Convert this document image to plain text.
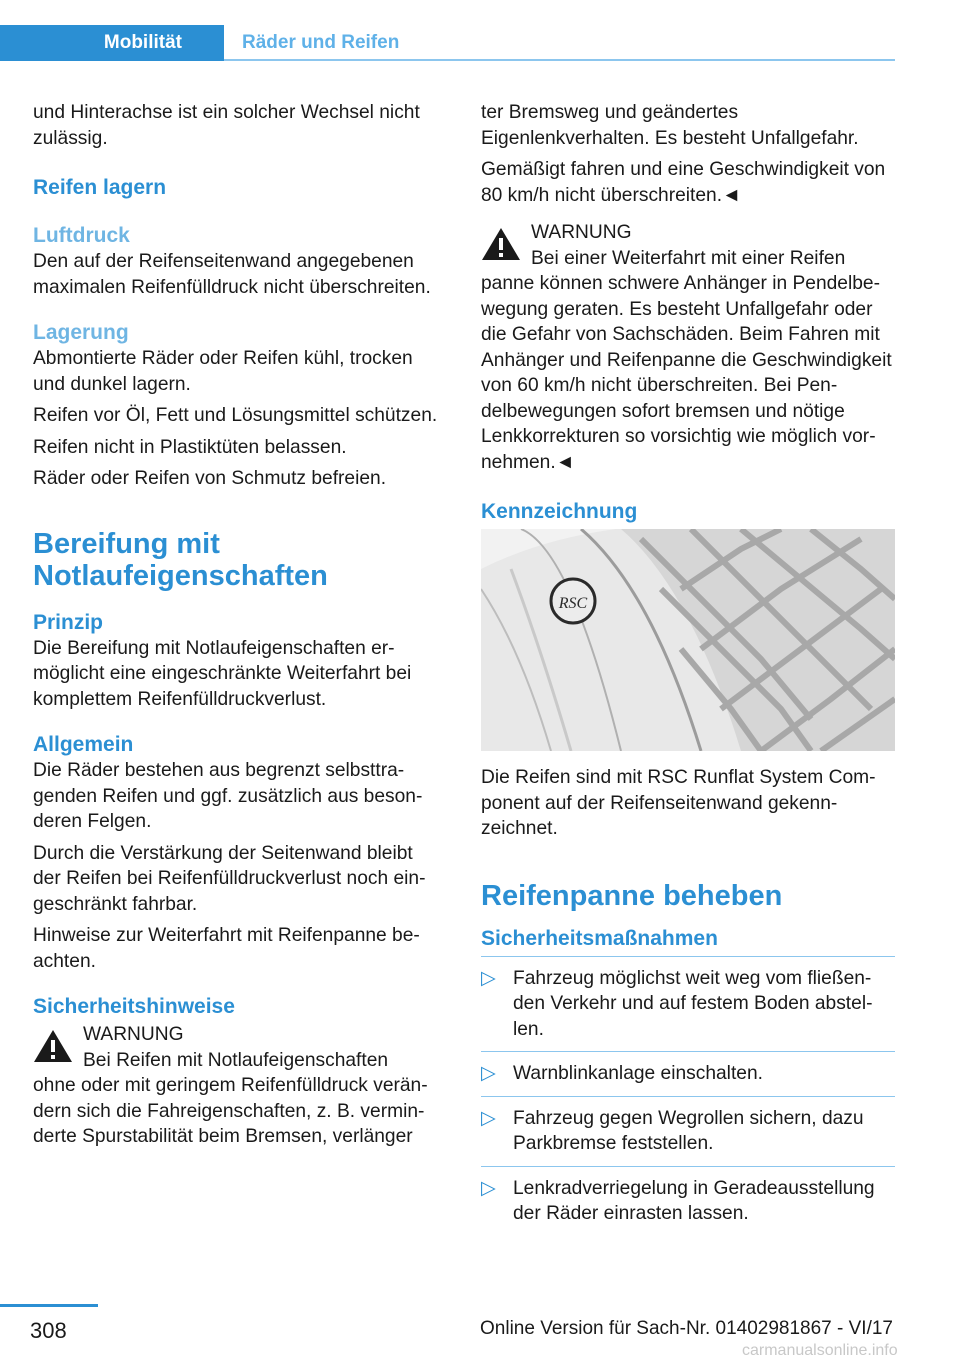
Mobilität	Räder und Reifen

und Hinterachse ist ein solcher Wechsel nicht zulässig.

Reifen lagern
Luftdruck

Den auf der Reifenseitenwand angegebenen maximalen Reifenfülldruck nicht überschreiten.

Lagerung

Abmontierte Räder oder Reifen kühl, trocken und dunkel lagern.

Reifen vor Öl, Fett und Lösungsmittel schützen.

Reifen nicht in Plastiktüten belassen.

Räder oder Reifen von Schmutz befreien.

Bereifung mit Notlaufeigenschaften
Prinzip

Die Bereifung mit Notlaufeigenschaften ermöglicht eine eingeschränkte Weiterfahrt bei komplettem Reifenfülldruckverlust.

Allgemein

Die Räder bestehen aus begrenzt selbsttragenden Reifen und ggf. zusätzlich aus besonderen Felgen.

Durch die Verstärkung der Seitenwand bleibt der Reifen bei Reifenfülldruckverlust noch eingeschränkt fahrbar.

Hinweise zur Weiterfahrt mit Reifenpanne beachten.

Sicherheitshinweise
WARNUNG
Bei Reifen mit Notlaufeigenschaften
ohne oder mit geringem Reifenfülldruck verändern sich die Fahreigenschaften, z. B. verminderte Spurstabilität beim Bremsen, verlänger

ter Bremsweg und geändertes Eigenlenkverhalten. Es besteht Unfallgefahr.

Gemäßigt fahren und eine Geschwindigkeit von 80 km/h nicht überschreiten.◄

WARNUNG
Bei einer Weiterfahrt mit einer Reifen
panne können schwere Anhänger in Pendelbewegung geraten. Es besteht Unfallgefahr oder die Gefahr von Sachschäden. Beim Fahren mit Anhänger und Reifenpanne die Geschwindigkeit von 60 km/h nicht überschreiten. Bei Pendelbewegungen sofort bremsen und nötige Lenkkorrekturen so vorsichtig wie möglich vornehmen.◄
Kennzeichnung
RSC

Die Reifen sind mit RSC Runflat System Component auf der Reifenseitenwand gekennzeichnet.

Reifenpanne beheben
Sicherheitsmaßnahmen
▷ Fahrzeug möglichst weit weg vom fließenden Verkehr und auf festem Boden abstellen.
▷ Warnblinkanlage einschalten.
▷ Fahrzeug gegen Wegrollen sichern, dazu Parkbremse feststellen.
▷ Lenkradverriegelung in Geradeausstellung der Räder einrasten lassen.
308	Online Version für Sach-Nr. 01402981867 - VI/17
carmanualsonline.info
